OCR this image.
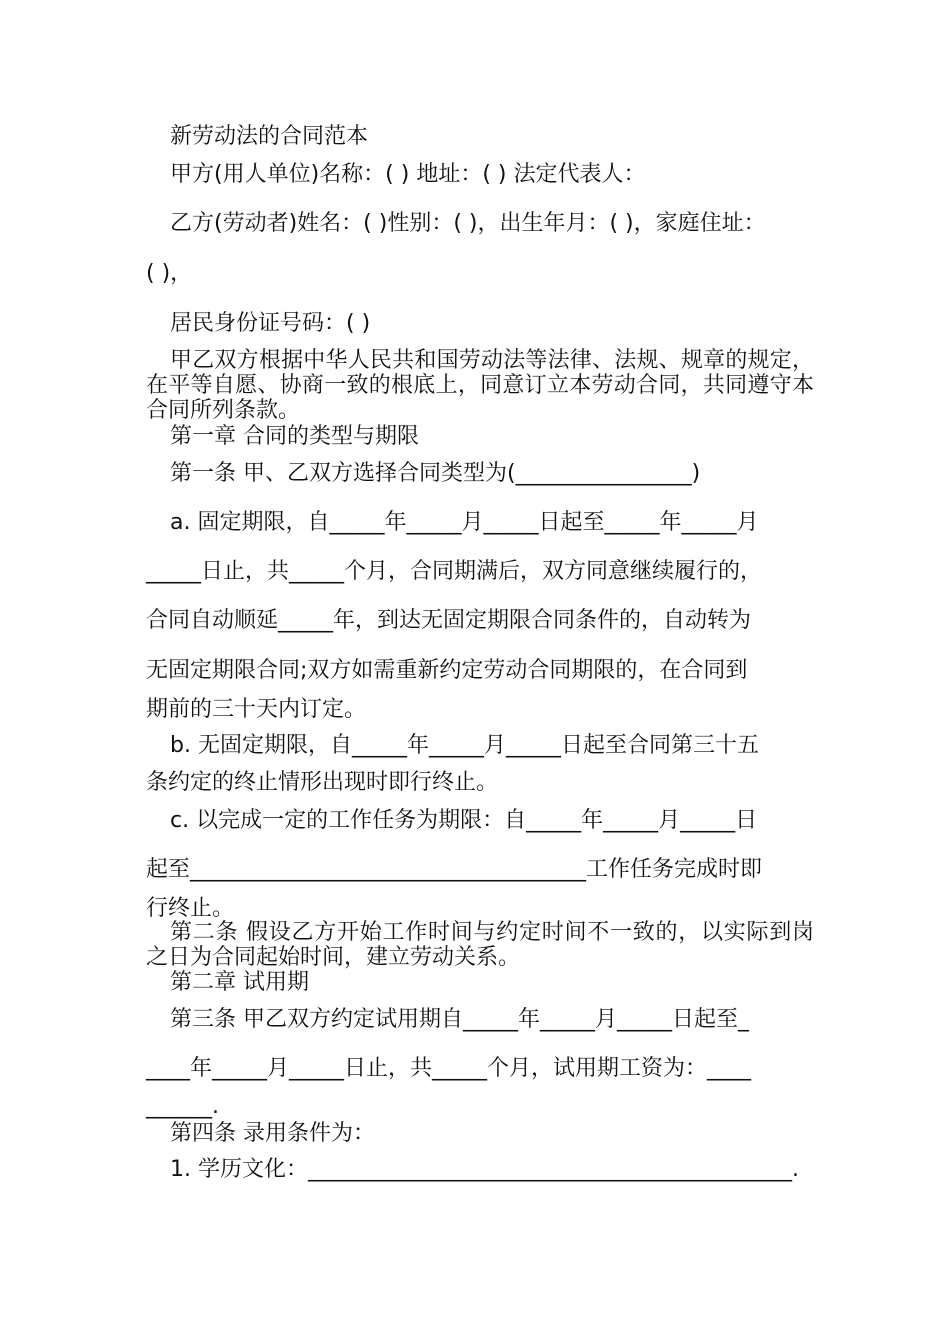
新劳动法的合同范本

甲方(用人单位)名称：( ) 地址：( ) 法定代表人：

乙方(劳动者)姓名：( )性别：( )，出生年月：( )，家庭住址：

( )，

居民身份证号码：( )

甲乙双方根据中华人民共和国劳动法等法律、法规、规章的规定，在平等自愿、协商一致的根底上，同意订立本劳动合同，共同遵守本合同所列条款。

第一章 合同的类型与期限

第一条 甲、乙双方选择合同类型为(________________)

a. 固定期限，自_____年_____月_____日起至_____年_____月

_____日止，共_____个月，合同期满后，双方同意继续履行的，

合同自动顺延_____年，到达无固定期限合同条件的，自动转为

无固定期限合同;双方如需重新约定劳动合同期限的，在合同到

期前的三十天内订定。

b. 无固定期限，自_____年_____月_____日起至合同第三十五

条约定的终止情形出现时即行终止。

c. 以完成一定的工作任务为期限：自_____年_____月_____日

起至____________________________________工作任务完成时即

行终止。

第二条 假设乙方开始工作时间与约定时间不一致的，以实际到岗之日为合同起始时间，建立劳动关系。

第二章 试用期

第三条 甲乙双方约定试用期自_____年_____月_____日起至_

____年_____月_____日止，共_____个月，试用期工资为：____

______.

第四条 录用条件为：

1. 学历文化：____________________________________________.
